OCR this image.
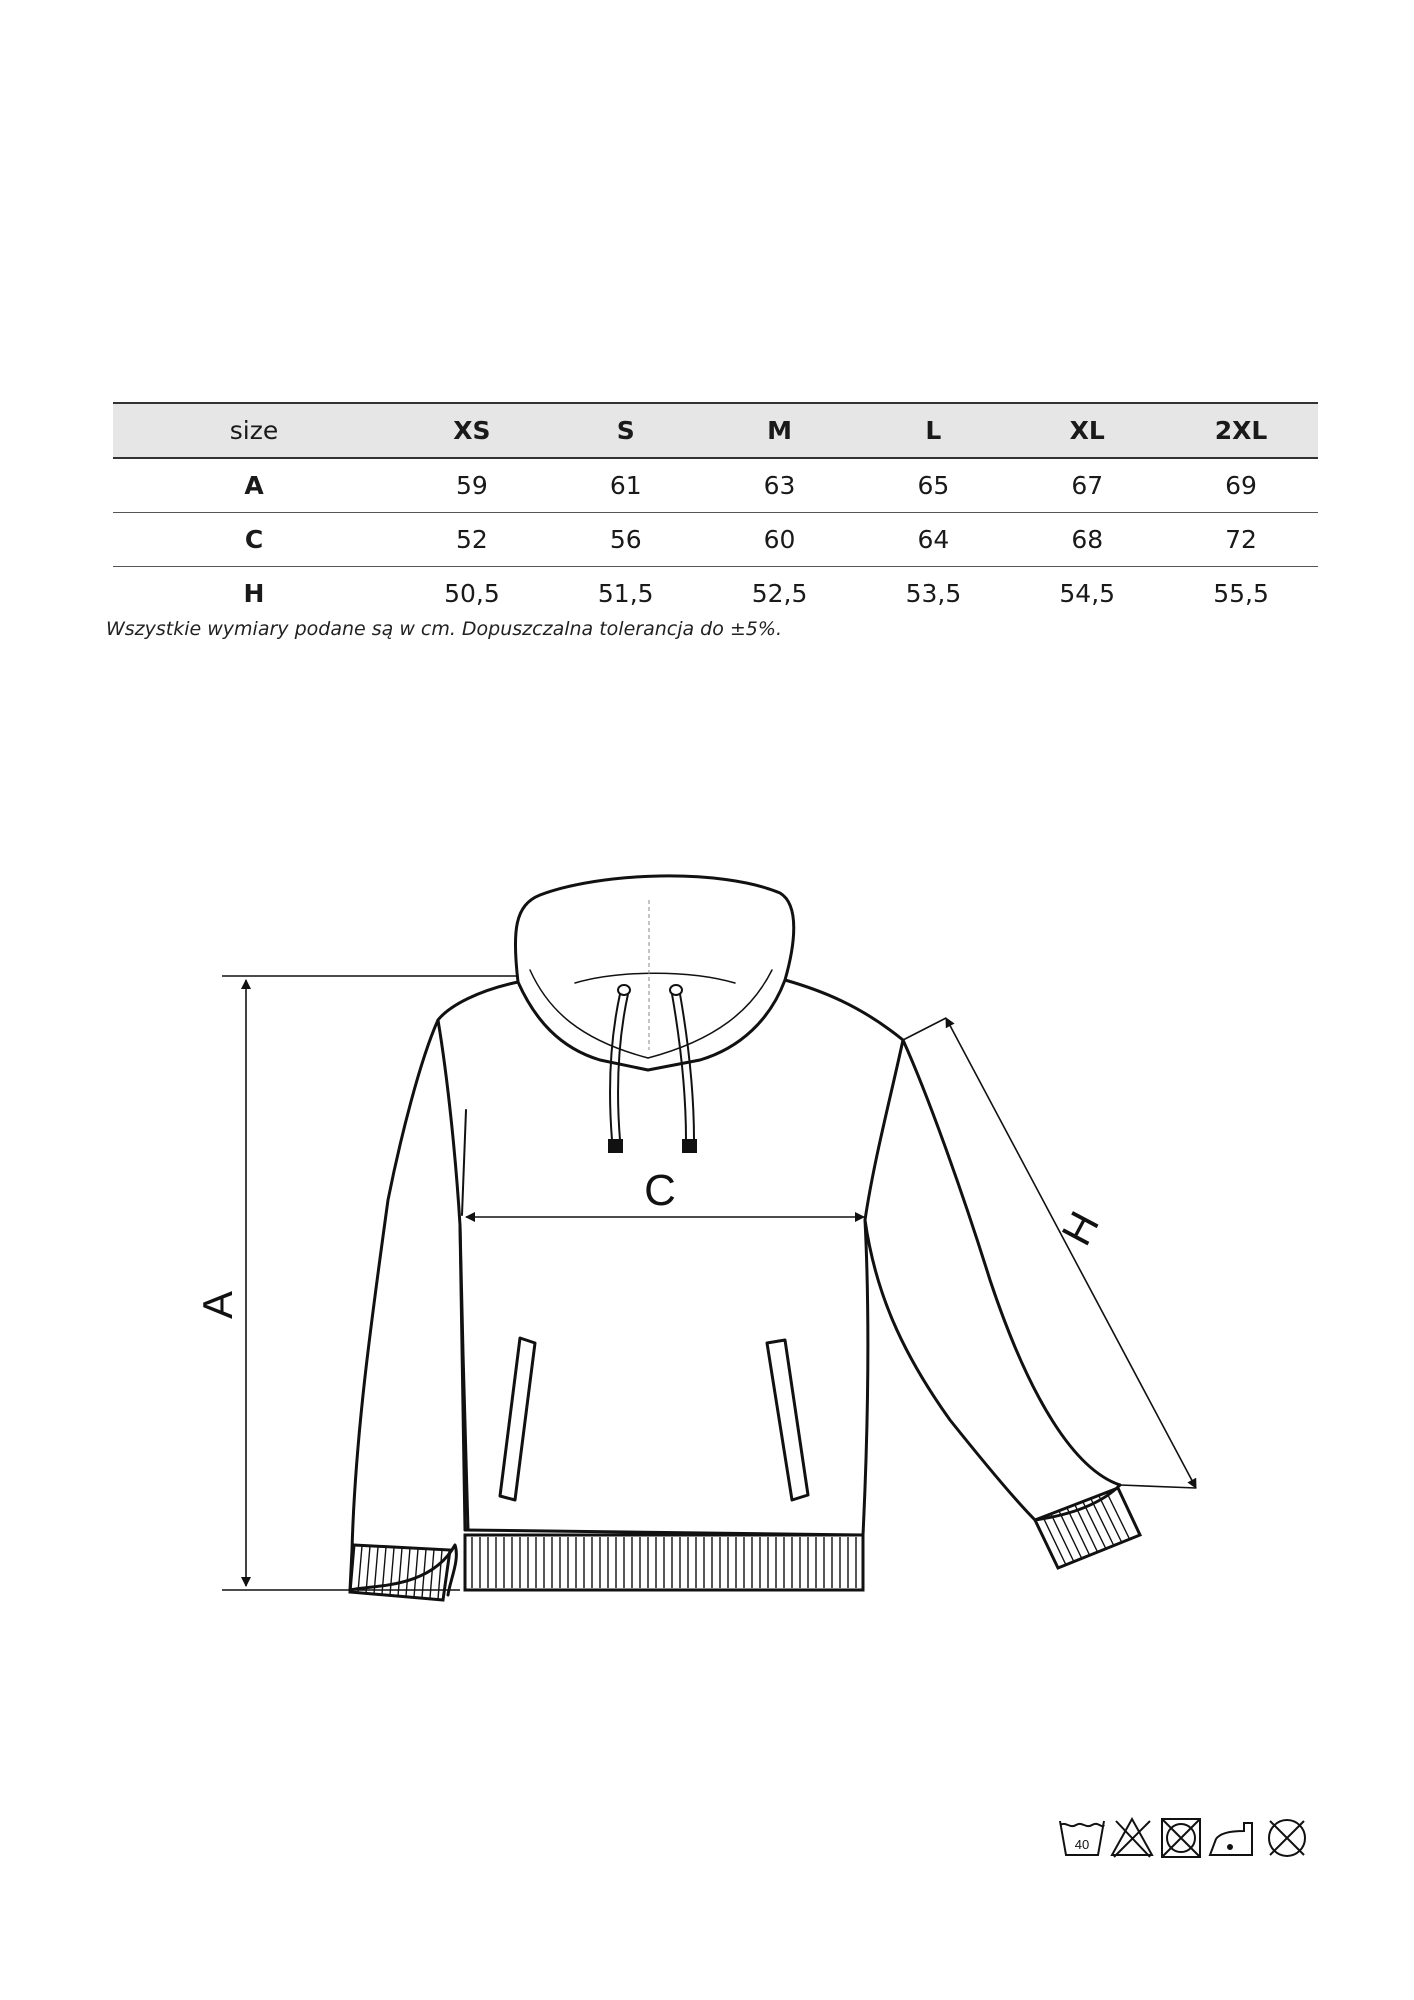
size	XS	S	M	L	XL	2XL
A	59	61	63	65	67	69
C	52	56	60	64	68	72
H	50,5	51,5	52,5	53,5	54,5	55,5
Wszystkie wymiary podane są w cm. Dopuszczalna tolerancja do ±5%.
A
C
H
40
